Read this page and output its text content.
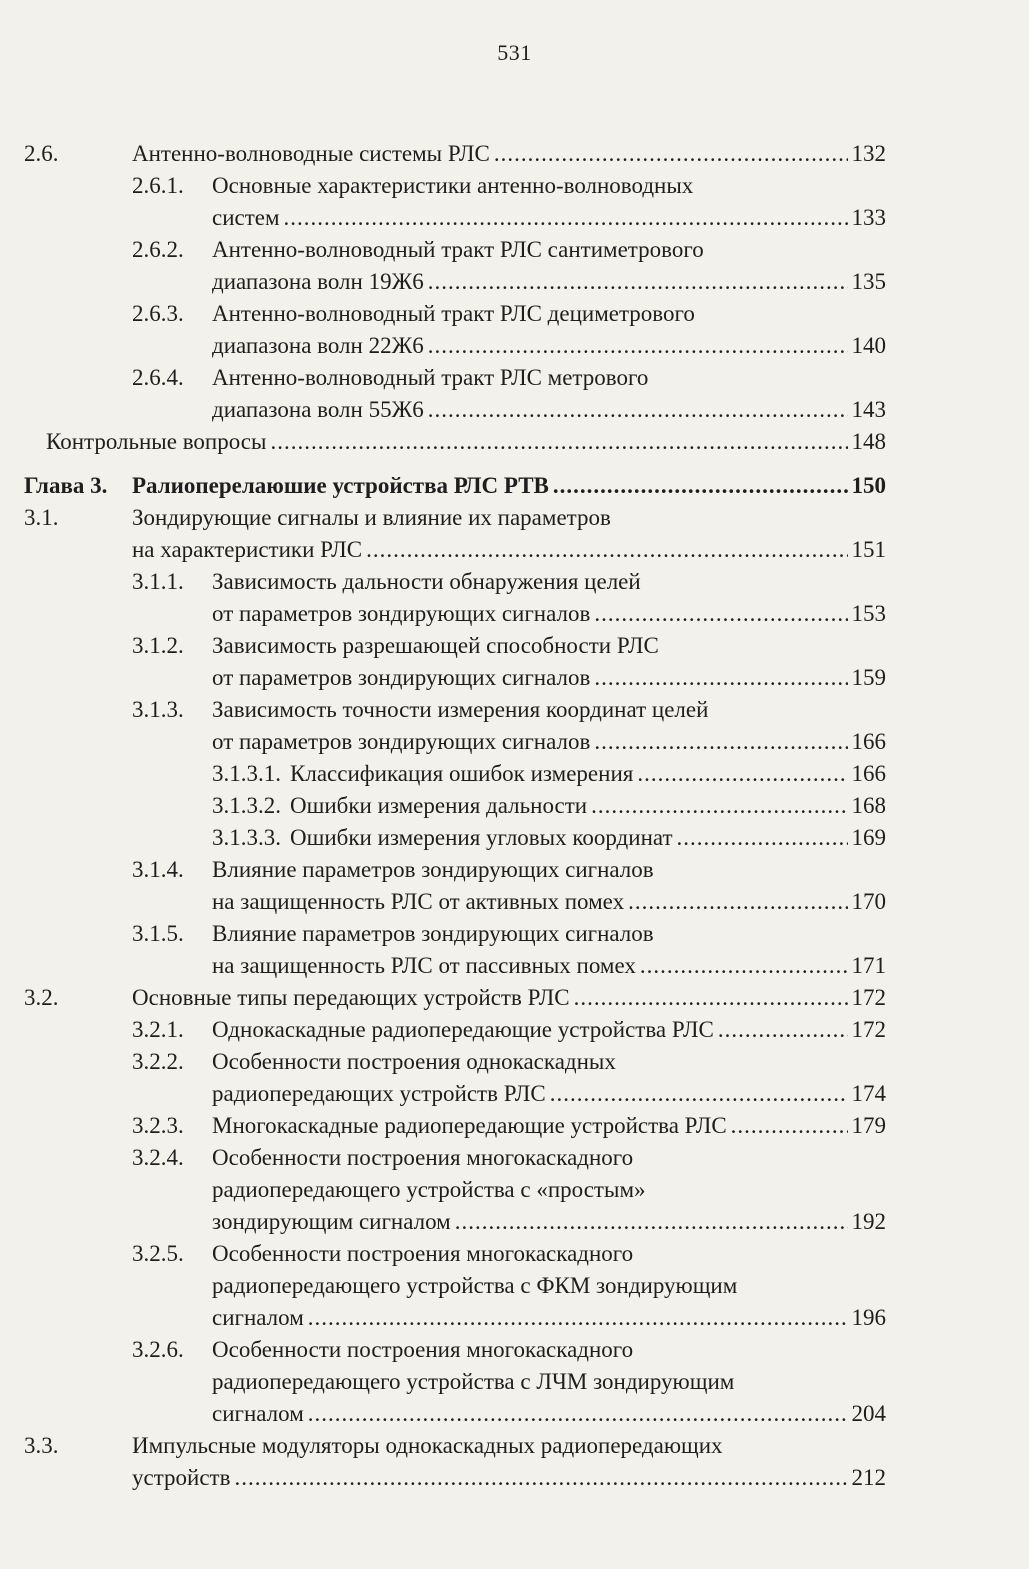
531
2.6.	Антенно-волноводные системы РЛС .....	132
2.6.1. Основные характеристики антенно-волноводных
систем .....	133
2.6.2. Антенно-волноводный тракт РЛС сантиметрового
диапазона волн 19Ж6 .....	135
2.6.3. Антенно-волноводный тракт РЛС дециметрового
диапазона волн 22Ж6 .....	140
2.6.4. Антенно-волноводный тракт РЛС метрового
диапазона волн 55Ж6 .....	143
Контрольные вопросы .....	148
Глава 3. Ралиоперелаюшие устройства РЛС РТВ .....	150
3.1.	Зондирующие сигналы и влияние их параметров
на характеристики РЛС .....	151
3.1.1. Зависимость дальности обнаружения целей
от параметров зондирующих сигналов .....	153
3.1.2. Зависимость разрешающей способности РЛС
от параметров зондирующих сигналов .....	159
3.1.3. Зависимость точности измерения координат целей
от параметров зондирующих сигналов .....	166
3.1.3.1. Классификация ошибок измерения .....	166
3.1.3.2. Ошибки измерения дальности .....	168
3.1.3.3. Ошибки измерения угловых координат .....	169
3.1.4. Влияние параметров зондирующих сигналов
на защищенность РЛС от активных помех .....	170
3.1.5. Влияние параметров зондирующих сигналов
на защищенность РЛС от пассивных помех .....	171
3.2.	Основные типы передающих устройств РЛС .....	172
3.2.1. Однокаскадные радиопередающие устройства РЛС .....	172
3.2.2. Особенности построения однокаскадных
радиопередающих устройств РЛС .....	174
3.2.3. Многокаскадные радиопередающие устройства РЛС .....	179
3.2.4. Особенности построения многокаскадного
радиопередающего устройства с «простым»
зондирующим сигналом .....	192
3.2.5. Особенности построения многокаскадного
радиопередающего устройства с ФКМ зондирующим
сигналом .....	196
3.2.6. Особенности построения многокаскадного
радиопередающего устройства с ЛЧМ зондирующим
сигналом .....	204
3.3.	Импульсные модуляторы однокаскадных радиопередающих
устройств .....	212
